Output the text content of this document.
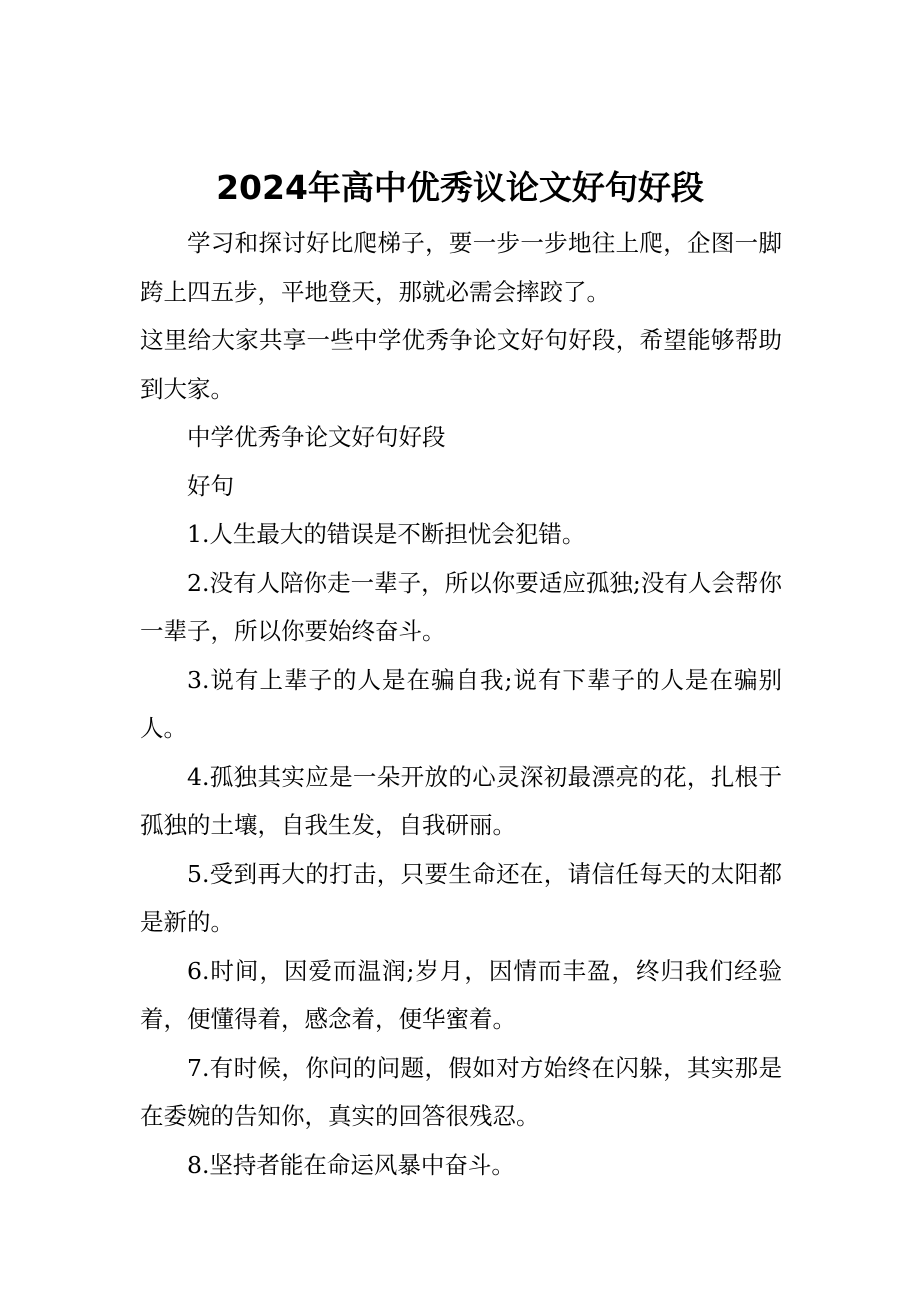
2024年高中优秀议论文好句好段

学习和探讨好比爬梯子，要一步一步地往上爬，企图一脚跨上四五步，平地登天，那就必需会摔跤了。

这里给大家共享一些中学优秀争论文好句好段，希望能够帮助到大家。

中学优秀争论文好句好段

好句

1.人生最大的错误是不断担忧会犯错。

2.没有人陪你走一辈子，所以你要适应孤独;没有人会帮你一辈子，所以你要始终奋斗。

3.说有上辈子的人是在骗自我;说有下辈子的人是在骗别人。

4.孤独其实应是一朵开放的心灵深初最漂亮的花，扎根于孤独的土壤，自我生发，自我研丽。

5.受到再大的打击，只要生命还在，请信任每天的太阳都是新的。

6.时间，因爱而温润;岁月，因情而丰盈，终归我们经验着，便懂得着，感念着，便华蜜着。

7.有时候，你问的问题，假如对方始终在闪躲，其实那是在委婉的告知你，真实的回答很残忍。

8.坚持者能在命运风暴中奋斗。
